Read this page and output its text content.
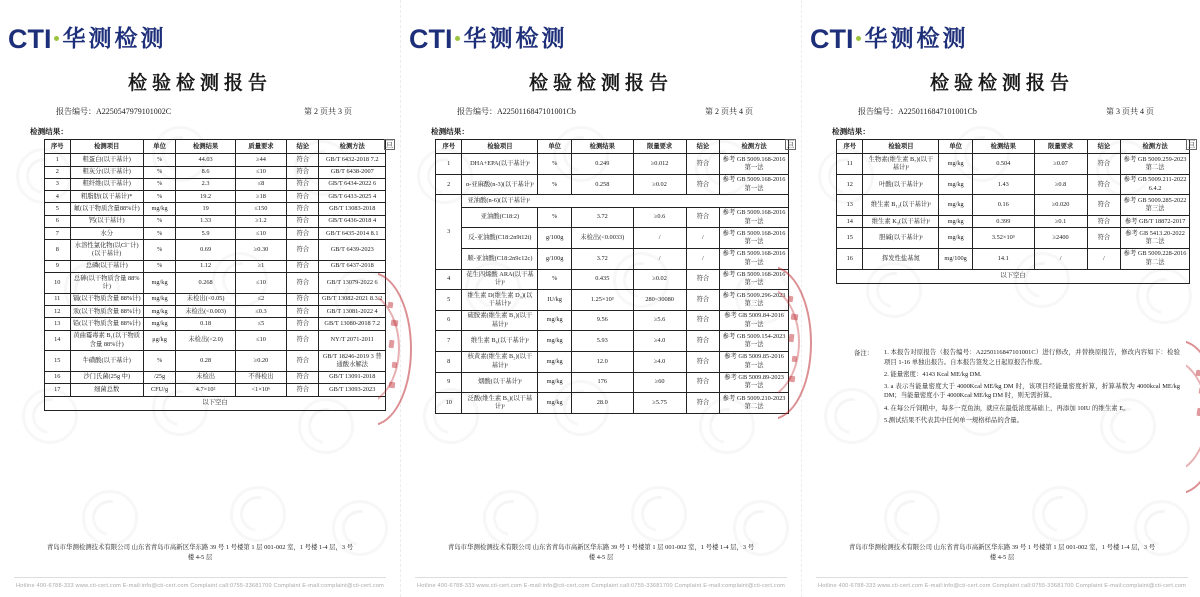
CTI 华测检测
检验检测报告
报告编号：A2250547979101002C	第 2 页共 3 页
检测结果：
序号	检测项目	单位	检测结果	质量要求	结论	检测方法
1	粗蛋白(以干基计)	%	44.03	≥44	符合	GB/T 6432-2018 7.2
2	粗灰分(以干基计)	%	8.6	≤10	符合	GB/T 6438-2007
3	粗纤维(以干基计)	%	2.3	≤8	符合	GB/T 6434-2022 6
4	粗脂肪(以干基计)*	%	19.2	≥18	符合	GB/T 6433-2025 4
5	氟(以干物质含量88%计)	mg/kg	19	≤150	符合	GB/T 13083-2018
6	钙(以干基计)	%	1.33	≥1.2	符合	GB/T 6436-2018 4
7	水分	%	5.9	≤10	符合	GB/T 6435-2014 8.1
8	水溶性氯化物(以Cl⁻计)(以干基计)	%	0.69	≥0.30	符合	GB/T 6439-2023
9	总磷(以干基计)	%	1.12	≥1	符合	GB/T 6437-2018
10	总砷(以干物质含量 88%计)	mg/kg	0.268	≤10	符合	GB/T 13079-2022 6
11	镉(以干物质含量 88%计)	mg/kg	未检出(<0.05)	≤2	符合	GB/T 13082-2021 8.3.2
12	汞(以干物质含量 88%计)	mg/kg	未检出(<0.003)	≤0.3	符合	GB/T 13081-2022 4
13	铅(以干物质含量 88%计)	mg/kg	0.18	≤5	符合	GB/T 13080-2018 7.2
14	黄曲霉毒素 B₁(以干物质含量 88%计)	μg/kg	未检出(<2.0)	≤10	符合	NY/T 2071-2011
15	牛磺酸(以干基计)	%	0.28	≥0.20	符合	GB/T 18246-2019 3 普通酸水解法
16	沙门氏菌(25g 中)	/25g	未检出	不得检出	符合	GB/T 13091-2018
17	细菌总数	CFU/g	4.7×10²	<1×10⁶	符合	GB/T 13093-2023
以下空白						
亘
青岛市华测检测技术有限公司 山东省青岛市高新区华东路 39 号 1 号楼第 1 层 001-002 室，1 号楼 1-4 层，3 号楼 4-5 层
Hotline 400-6788-333 www.cti-cert.com E-mail:info@cti-cert.com Complaint call:0755-33681700 Complaint E-mail:complaint@cti-cert.com
CTI 华测检测
检验检测报告
报告编号：A2250116847101001Cb	第 2 页共 4 页
检测结果：
序号	检验项目	单位	检测结果	限量要求	结论	检测方法
1	DHA+EPA(以干基计)ᵃ	%	0.249	≥0.012	符合	参考 GB 5009.168-2016 第一法
2	α-亚麻酸(n-3)(以干基计)ᵃ	%	0.258	≥0.02	符合	参考 GB 5009.168-2016 第一法
3	亚油酸(n-6)(以干基计)ᵃ					
	亚油酸(C18:2)	%	3.72	≥0.6	符合	参考 GB 5009.168-2016 第一法
	反-亚油酸(C18:2n9t12t)	g/100g	未检出(<0.0033)	/	/	参考 GB 5009.168-2016 第一法
	顺-亚油酸(C18:2n9c12c)	g/100g	3.72	/	/	参考 GB 5009.168-2016 第一法
4	花生四烯酸 ARA(以干基计)ᵃ	%	0.435	≥0.02	符合	参考 GB 5009.168-2016 第一法
5	维生素 D(维生素 D₃)(以干基计)ᵃ	IU/kg	1.25×10³	280~30080	符合	参考 GB 5009.296-2023 第三法
6	硫胺素(维生素 B₁)(以干基计)ᵃ	mg/kg	9.56	≥5.6	符合	参考 GB 5009.84-2016 第一法
7	维生素 B₆(以干基计)ᵃ	mg/kg	5.93	≥4.0	符合	参考 GB 5009.154-2023 第一法
8	核黄素(维生素 B₂)(以干基计)ᵃ	mg/kg	12.0	≥4.0	符合	参考 GB 5009.85-2016 第一法
9	烟酸(以干基计)ᵃ	mg/kg	176	≥60	符合	参考 GB 5009.89-2023 第一法
10	泛酸(维生素 B₅)(以干基计)ᵃ	mg/kg	28.0	≥5.75	符合	参考 GB 5009.210-2023 第二法
亘
青岛市华测检测技术有限公司 山东省青岛市高新区华东路 39 号 1 号楼第 1 层 001-002 室，1 号楼 1-4 层，3 号楼 4-5 层
Hotline 400-6788-333 www.cti-cert.com E-mail:info@cti-cert.com Complaint call:0755-33681700 Complaint E-mail:complaint@cti-cert.com
CTI 华测检测
检验检测报告
报告编号：A2250116847101001Cb	第 3 页共 4 页
检测结果：
序号	检验项目	单位	检测结果	限量要求	结论	检测方法
11	生物素(维生素 B₇)(以干基计)ᵃ	mg/kg	0.504	≥0.07	符合	参考 GB 5009.259-2023 第二法
12	叶酸(以干基计)ᵃ	mg/kg	1.43	≥0.8	符合	参考 GB 5009.211-2022 6.4.2
13	维生素 B₁₂(以干基计)ᵃ	mg/kg	0.16	≥0.020	符合	参考 GB 5009.285-2022 第三法
14	维生素 K₃(以干基计)ᵃ	mg/kg	0.399	≥0.1	符合	参考 GB/T 18872-2017
15	胆碱(以干基计)ᵃ	mg/kg	3.52×10³	≥2400	符合	参考 GB 5413.20-2022 第二法
16	挥发性盐基氮	mg/100g	14.1	/	/	参考 GB 5009.228-2016 第二法
以下空白						
亘
备注：	1. 本报告对原报告（报告编号：A2250116847101001C）进行修改，并替换原报告，修改内容如下：检验项目 1-16 单独出报告。自本报告签发之日起原报告作废。
2. 能量密度：4143 Kcal ME/kg DM.
3. a 表示当能量密度大于 4000Kcal ME/kg DM 时，该项目经能量密度折算，折算基数为 4000kcal ME/kg DM；当能量密度小于 4000Kcal ME/kg DM 时，则无需折算。
4. 在每公斤饲粮中，每多一克鱼油，就应在最低浓度基础上，再添加 10IU 的维生素 E。
5.测试结果不代表其中任何单一规格样品的含量。
青岛市华测检测技术有限公司 山东省青岛市高新区华东路 39 号 1 号楼第 1 层 001-002 室，1 号楼 1-4 层，3 号楼 4-5 层
Hotline 400-6788-333 www.cti-cert.com E-mail:info@cti-cert.com Complaint call:0755-33681700 Complaint E-mail:complaint@cti-cert.com
